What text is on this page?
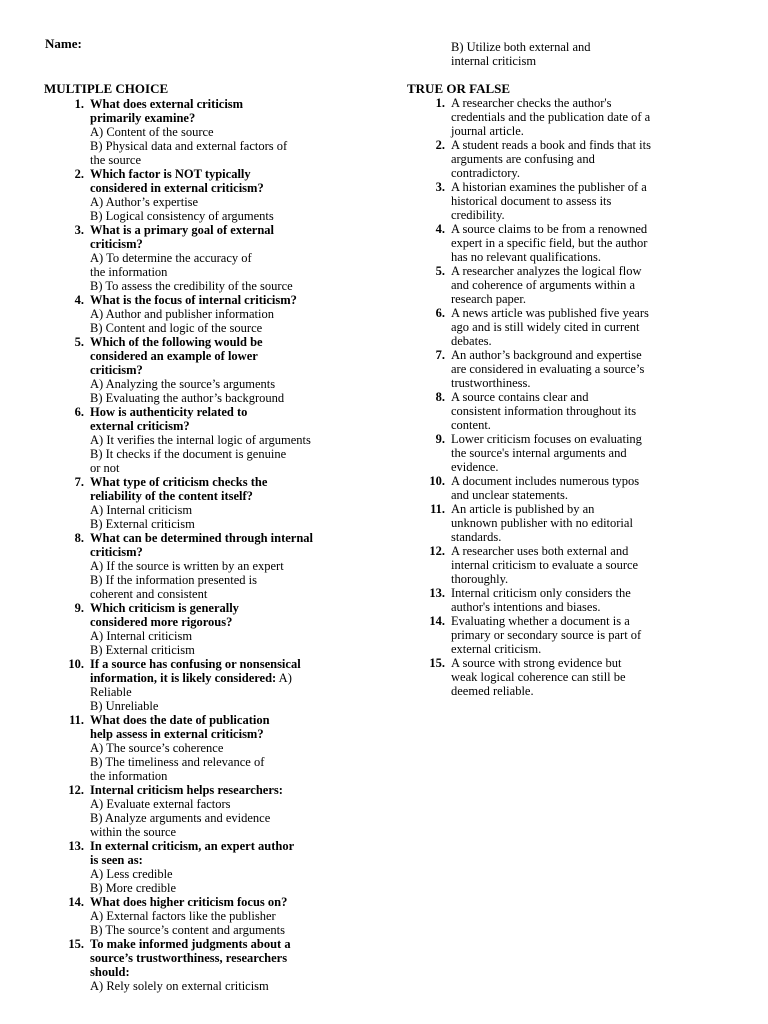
Name:	B) Utilize both external and
internal criticism
MULTIPLE CHOICE
1. What does external criticism
primarily examine?
A) Content of the source
B) Physical data and external factors of
the source
2. Which factor is NOT typically
considered in external criticism?
A) Author’s expertise
B) Logical consistency of arguments
3. What is a primary goal of external
criticism?
A) To determine the accuracy of
the information
B) To assess the credibility of the source
4. What is the focus of internal criticism?
A) Author and publisher information
B) Content and logic of the source
5. Which of the following would be
considered an example of lower
criticism?
A) Analyzing the source’s arguments
B) Evaluating the author’s background
6. How is authenticity related to
external criticism?
A) It verifies the internal logic of arguments
B) It checks if the document is genuine
or not
7. What type of criticism checks the
reliability of the content itself?
A) Internal criticism
B) External criticism
8. What can be determined through internal
criticism?
A) If the source is written by an expert
B) If the information presented is
coherent and consistent
9. Which criticism is generally
considered more rigorous?
A) Internal criticism
B) External criticism
10. If a source has confusing or nonsensical
information, it is likely considered: A)
Reliable
B) Unreliable
11. What does the date of publication
help assess in external criticism?
A) The source’s coherence
B) The timeliness and relevance of
the information
12. Internal criticism helps researchers:
A) Evaluate external factors
B) Analyze arguments and evidence
within the source
13. In external criticism, an expert author
is seen as:
A) Less credible
B) More credible
14. What does higher criticism focus on?
A) External factors like the publisher
B) The source’s content and arguments
15. To make informed judgments about a
source’s trustworthiness, researchers
should:
A) Rely solely on external criticism
TRUE OR FALSE
1. A researcher checks the author's
credentials and the publication date of a
journal article.
2. A student reads a book and finds that its
arguments are confusing and
contradictory.
3. A historian examines the publisher of a
historical document to assess its
credibility.
4. A source claims to be from a renowned
expert in a specific field, but the author
has no relevant qualifications.
5. A researcher analyzes the logical flow
and coherence of arguments within a
research paper.
6. A news article was published five years
ago and is still widely cited in current
debates.
7. An author’s background and expertise
are considered in evaluating a source’s
trustworthiness.
8. A source contains clear and
consistent information throughout its
content.
9. Lower criticism focuses on evaluating
the source's internal arguments and
evidence.
10. A document includes numerous typos
and unclear statements.
11. An article is published by an
unknown publisher with no editorial
standards.
12. A researcher uses both external and
internal criticism to evaluate a source
thoroughly.
13. Internal criticism only considers the
author's intentions and biases.
14. Evaluating whether a document is a
primary or secondary source is part of
external criticism.
15. A source with strong evidence but
weak logical coherence can still be
deemed reliable.
